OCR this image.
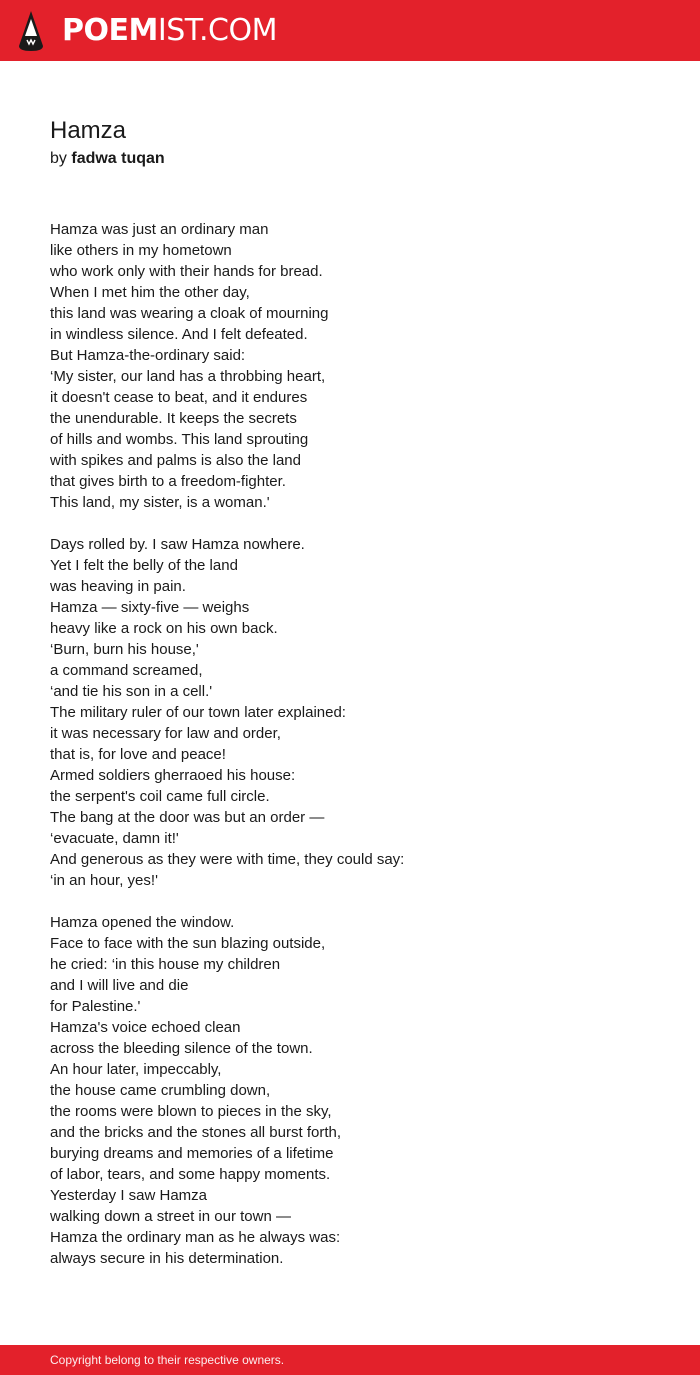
POEMIST.COM
Hamza
by fadwa tuqan
Hamza was just an ordinary man
like others in my hometown
who work only with their hands for bread.
When I met him the other day,
this land was wearing a cloak of mourning
in windless silence. And I felt defeated.
But Hamza-the-ordinary said:
‘My sister, our land has a throbbing heart,
it doesn't cease to beat, and it endures
the unendurable. It keeps the secrets
of hills and wombs. This land sprouting
with spikes and palms is also the land
that gives birth to a freedom-fighter.
This land, my sister, is a woman.'
Days rolled by. I saw Hamza nowhere.
Yet I felt the belly of the land
was heaving in pain.
Hamza — sixty-five — weighs
heavy like a rock on his own back.
‘Burn, burn his house,'
a command screamed,
‘and tie his son in a cell.'
The military ruler of our town later explained:
it was necessary for law and order,
that is, for love and peace!
Armed soldiers gherraoed his house:
the serpent's coil came full circle.
The bang at the door was but an order —
‘evacuate, damn it!'
And generous as they were with time, they could say:
‘in an hour, yes!'
Hamza opened the window.
Face to face with the sun blazing outside,
he cried: ‘in this house my children
and I will live and die
for Palestine.'
Hamza's voice echoed clean
across the bleeding silence of the town.
An hour later, impeccably,
the house came crumbling down,
the rooms were blown to pieces in the sky,
and the bricks and the stones all burst forth,
burying dreams and memories of a lifetime
of labor, tears, and some happy moments.
Yesterday I saw Hamza
walking down a street in our town —
Hamza the ordinary man as he always was:
always secure in his determination.
Copyright belong to their respective owners.
